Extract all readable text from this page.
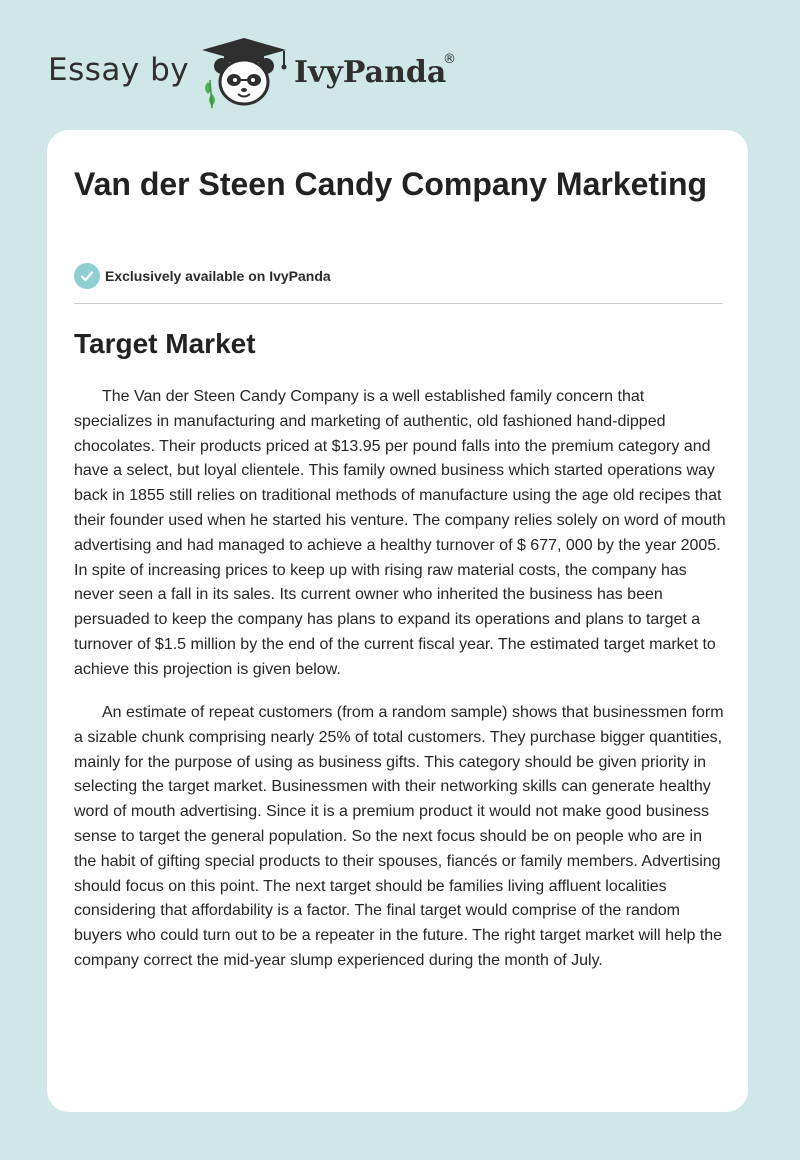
Essay by	IvyPanda
®
Van der Steen Candy Company Marketing
Exclusively available on IvyPanda
Target Market

The Van der Steen Candy Company is a well established family concern that specializes in manufacturing and marketing of authentic, old fashioned hand-dipped chocolates. Their products priced at $13.95 per pound falls into the premium category and have a select, but loyal clientele. This family owned business which started operations way back in 1855 still relies on traditional methods of manufacture using the age old recipes that their founder used when he started his venture. The company relies solely on word of mouth advertising and had managed to achieve a healthy turnover of $ 677, 000 by the year 2005. In spite of increasing prices to keep up with rising raw material costs, the company has never seen a fall in its sales. Its current owner who inherited the business has been persuaded to keep the company has plans to expand its operations and plans to target a turnover of $1.5 million by the end of the current fiscal year. The estimated target market to achieve this projection is given below.

An estimate of repeat customers (from a random sample) shows that businessmen form a sizable chunk comprising nearly 25% of total customers. They purchase bigger quantities, mainly for the purpose of using as business gifts. This category should be given priority in selecting the target market. Businessmen with their networking skills can generate healthy word of mouth advertising. Since it is a premium product it would not make good business sense to target the general population. So the next focus should be on people who are in the habit of gifting special products to their spouses, fiancés or family members. Advertising should focus on this point. The next target should be families living affluent localities considering that affordability is a factor. The final target would comprise of the random buyers who could turn out to be a repeater in the future. The right target market will help the company correct the mid-year slump experienced during the month of July.
